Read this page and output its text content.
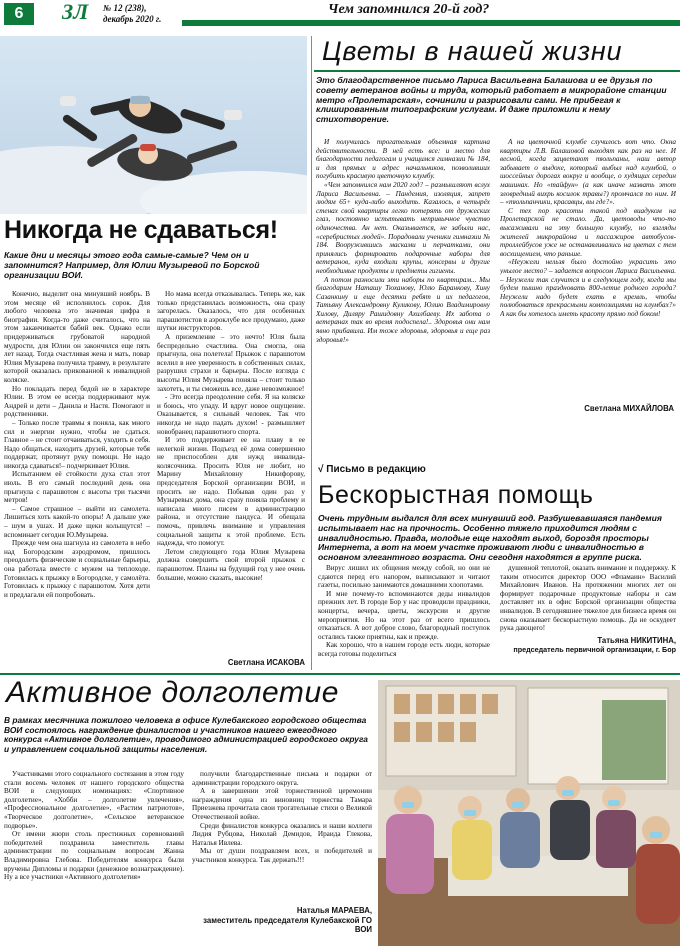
6	ЗЛ № 12 (238),
декабрь 2020 г.
Чем запомнился 20-й год?
Никогда не сдаваться!
Какие дни и месяцы этого года самые-самые? Чем он и запомнится? Например, для Юлии Музыревой по Борской организации ВОИ.

Конечно, выделит она минувший ноябрь. В этом месяце ей исполнилось сорок. Для любого человека это значимая цифра в биографии. Когда-то даже считалось, что на этом заканчивается бабий век. Однако если придерживаться грубоватой народной мудрости, для Юлии он закончился еще пять лет назад. Тогда счастливая жена и мать, повар Юлия Музырева получила травму, в результате которой оказалась прикованной к инвалидной коляске.

Но покладать перед бедой не в характере Юлии. В этом ее всегда поддерживают муж Андрей и дети – Данила и Настя. Помогают и родственники.

– Только после травмы я поняла, как много сил и энергии нужно, чтобы не сдаться. Главное – не стоит отчаиваться, уходить в себя. Надо общаться, находить друзей, которые тебя поддержат, протянут руку помощи. Не надо никогда сдаваться!– подчеркивает Юлия.

Испытанием её стойкости духа стал этот июль. В его самый последний день она прыгнула с парашютом с высоты три тысячи метров!

– Самое страшное – выйти из самолета. Лишиться хоть какой-то опоры! А дальше уже – шум в ушах. И даже щеки колыщутся! – вспоминает сегодня Ю.Музырева.

Прежде чем она шагнула из самолета в небо над Богородским аэродромом, пришлось преодолеть физические и социальные барьеры, она работала вместе с мужем на теплоходе. Готовилась к прыжку в Богородске, у самолёта. Готовилась к прыжку с парашютом. Хотя дети и предлагали ей попробовать.

Но мама всегда отказывалась. Теперь же, как только представилась возможность, она сразу загорелась. Оказалось, что для особенных парашютистов в аэроклубе все продумано, даже шутки инструкторов.

А приземление – это нечто! Юля была беспредельно счастлива. Она смогла, она прыгнула, она полетела! Прыжок с парашютом вселил в нее уверенность в собственных силах, разрушил страхи и барьеры. После взгляда с высоты Юлия Музырева поняла – стоит только захотеть, и ты сможешь все, даже невозможное!

- Это всегда преодоление себя. Я на коляске и боюсь, что упаду. И вдруг новое ощущение. Оказывается, я сильный человек. Так что никогда не надо падать духом! - размышляет новобранец парашютного спорта.

И это поддерживает ее на плаву в ее нелегкой жизни. Подъезд её дома совершенно не приспособлен для нужд инвалида-колясочника. Просить Юля не любит, но Марину Михайловну Никифорову, председателя Борской организации ВОИ, и просить не надо. Побывав один раз у Музыревых дома, она сразу поняла проблему и написала много писем в администрацию района, и отсутствие пандуса. И обещала помочь, привлечь внимание и управления социальной защиты к этой проблеме. Есть надежда, что помогут.

Летом следующего года Юлия Музырева должна совершить свой второй прыжок с парашютом. Планы на будущий год у нее очень большие, можно сказать, высокие!

Светлана ИСАКОВА
Цветы в нашей жизни
Это благодарственное письмо Лариса Васильевна Балашова и ее друзья по совету ветеранов войны и труда, который работает в микрорайоне станции метро «Пролетарская», сочинили и разрисовали сами. Не прибегая к клишированным типографским услугам. И даже приложили к нему стихотворение.

И получилась трогательная объемная картина действительности. В ней есть все: и место для благодарности педагогам и учащимся гимназии № 184, и для прямых и адрес начальников, позволивших погубить красивую цветочную клумбу.

«Чем запомнился нам 2020 год? – размышляют вслух Лариса Васильевна. – Пандемия, изоляция, запрет людям 65+ куда-либо выходить. Казалось, в четырёх стенах свой квартиры легко потерять от дружеских глаз, постоянно испытывать непривычное чувство одиночества. Ан нет. Оказывается, не забыли нас, «серебристых людей». Порадовали ученики гимназии № 184. Вооружившись масками и перчатками, они принялись формировать подарочные наборы для ветеранов, куда входили крупы, консервы и другие необходимые продукты и предметы гигиены.

А потом разносили эти наборы по квартирам... Мы благодарим Наташу Тюханову, Юлю Баранкову, Хину Сазанкину и еще десятки ребят и их педагогов, Татьяну Александровну Куликову, Юлию Владимировну Хилову, Диляру Рашидовну Ахилбаеву. Их забота о ветеранах так во время подоспела!.. Здоровья они нам явно прибавила. Им тоже здоровья, здоровья и еще раз здоровья!»

А на цветочной клумбе случилось вот что. Окна квартиры Л.В. Балашовой выходят как раз на нее. И весной, когда зацветают тюльпаны, наш автор забывает о выдохе, который выбыл над клумбой, о шоссейных дорогах вокруг и вообще, о худящих середин машинах. Но «тайфун» (а как иначе назвать этот зловредный вихрь косилок травы?) промчался по ним. И – «тюльпанчики, красавцы, вы где?».

С тех пор красоты такой под виадуком на Пролетарской не стало. Да, цветоводы что-то высаживали на эту большую клумбу, но взгляды жителей микрорайона и пассажиров автобусов-троллейбусов уже не останавливались на цветах с тем восхищением, что раньше.

«Неужели нельзя было достойно украсить это унылое место? – задается вопросом Лариса Васильевна. – Неужели так случится и в следующем году, когда мы будем пышно праздновать 800-летие родного города? Неужели надо будет ехать в кремль, чтобы полюбоваться прекрасными композициями на клумбах?» А как бы хотелось иметь красоту прямо под боком!

Светлана МИХАЙЛОВА
√ Письмо в редакцию
Бескорыстная помощь
Очень трудным выдался для всех минувший год. Разбушевавшаяся пандемия испытывает нас на прочность. Особенно тяжело приходится людям с инвалидностью. Правда, молодые еще находят выход, бороздя просторы Интернета, а вот на моем участке проживают люди с инвалидностью в основном элегантного возраста. Они сегодня находятся в группе риска.

Вирус лишил их общения между собой, но они не сдаются перед его напором, выписывают и читают газеты, посильно занимаются домашними хлопотами.

И мне почему-то вспоминаются деды инвалидов прежних лет. В городе Бор у нас проводили праздники, концерты, вечера, цветы, экскурсии и другие мероприятия. Но на этот раз от всего пришлось отказаться. А вот доброе слово, благородный поступок остались также приятны, как и прежде.

Как хорошо, что в нашем городе есть люди, которые всегда готовы поделиться

душевной теплотой, оказать внимание и поддержку. К таким относится директор ООО «Фламаин» Василий Михайлович Иванов. На протяжении многих лет он формирует подарочные продуктовые наборы и сам доставляет их в офис Борской организации общества инвалидов. В сегодняшнее тяжелое для бизнеса время он снова оказывает бескорыстную помощь. Да не оскудеет рука дающего!

Татьяна НИКИТИНА,
председатель первичной организации, г. Бор
Активное долголетие
В рамках месячника пожилого человека в офисе Кулебакского городского общества ВОИ состоялось награждение финалистов и участников нашего ежегодного конкурса «Активное долголетие», проводимого администрацией городского округа и управлением социальной защиты населения.

Участниками этого социального состязания в этом году стали восемь человек от нашего городского общества ВОИ в следующих номинациях: «Спортивное долголетие», «Хобби – долголетие увлечения», «Профессиональное долголетие», «Растим патриотов», «Творческое долголетие», «Сельское ветеранское подворье».

От имени жюри столь престижных соревнований победителей поздравила заместитель главы администрации по социальным вопросам Жанна Владимировна Глебова. Победителям конкурса были вручены Дипломы и подарки (денежное вознаграждение). Ну а все участники «Активного долголетия»

получили благодарственные письма и подарки от администрации городского округа.

А в завершении этой торжественной церемонии награждения одна из виновниц торжества Тамара Приезжева прочитала свои трогательные стихи о Великой Отечественной войне.

Среди финалистов конкурса оказались и наши коллеги Лидия Рубцова, Николай Демидов, Ираида Глекова, Наталья Ивлева.

Мы от души поздравляем всех, и победителей и участников конкурса. Так держать!!!

Наталья МАРАЕВА,
заместитель председателя Кулебакской ГО ВОИ
